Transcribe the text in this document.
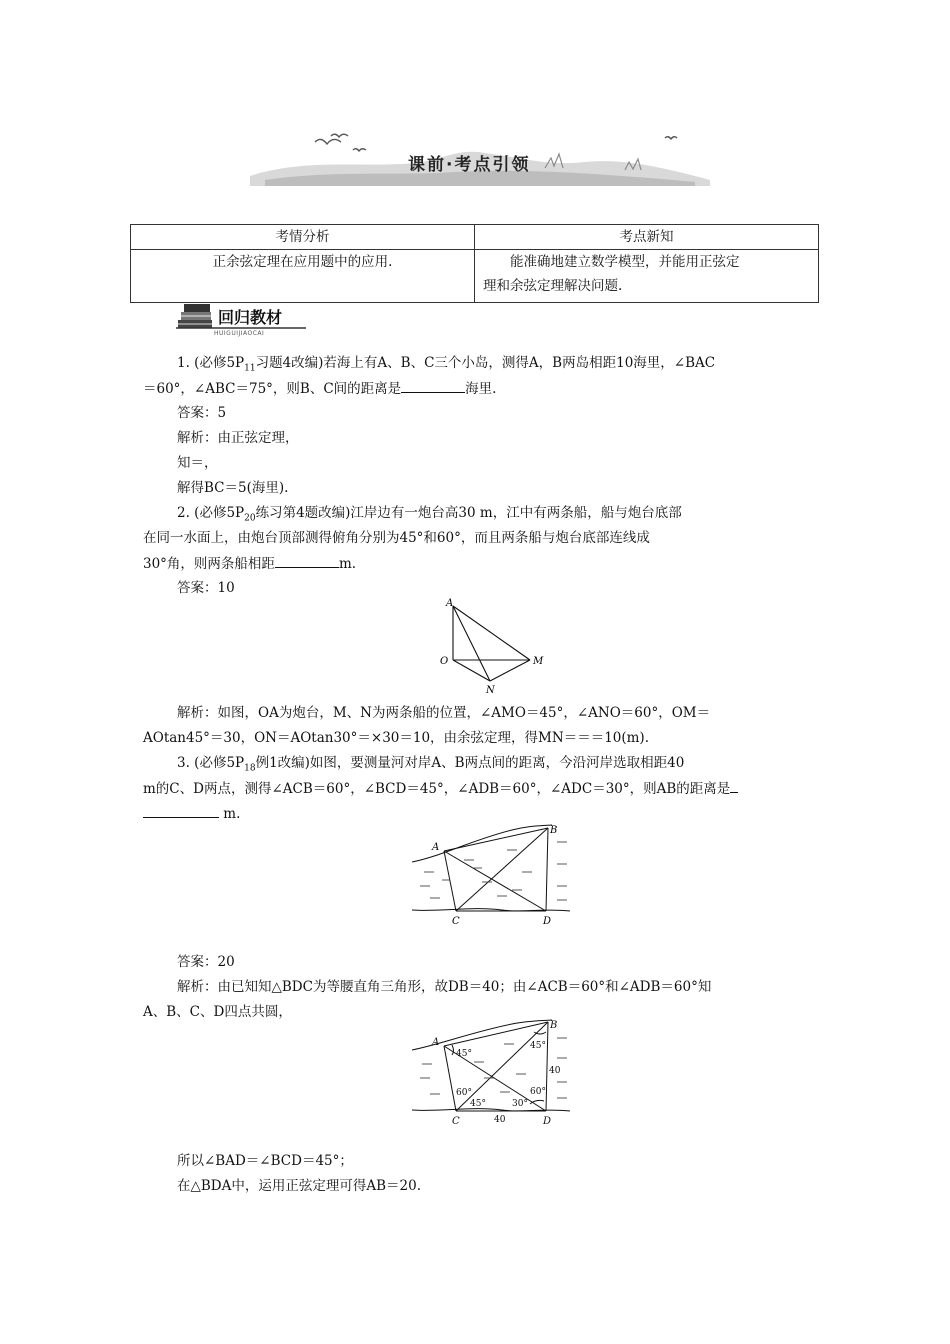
课前·考点引领
考情分析	考点新知
正余弦定理在应用题中的应用.	能准确地建立数学模型，并能用正弦定
理和余弦定理解决问题.
回归教材
HUIGUIJIAOCAI
1. (必修$5P_{11}$习题4改编)若海上有A、B、C三个小岛，测得A，B两岛相距10海里，∠BAC
＝60°，∠ABC＝75°，则B、C间的距离是	海里.
答案：5
解析：由正弦定理，
知＝，
解得BC＝5(海里).
2. (必修$5P_{20}$练习第4题改编)江岸边有一炮台高30 m，江中有两条船，船与炮台底部
在同一水面上，由炮台顶部测得俯角分别为45°和60°，而且两条船与炮台底部连线成
30°角，则两条船相距	m.
答案：10
A
O	M
N
解析：如图，OA为炮台，M、N为两条船的位置，∠AMO＝45°，∠ANO＝60°，OM＝
AOtan45°＝30，ON＝AOtan30°＝×30＝10，由余弦定理，得MN＝＝＝10(m).
3. (必修$5P_{18}$例1改编)如图，要测量河对岸A、B两点间的距离，今沿河岸选取相距40
m的C、D两点，测得∠ACB＝60°，∠BCD＝45°，∠ADB＝60°，∠ADC＝30°，则AB的距离是
m.
A
B
C	D
答案：20
解析：由已知知△BDC为等腰直角三角形，故DB＝40；由∠ACB＝60°和∠ADB＝60°知
A、B、C、D四点共圆，
45°
45°
40
60°
45°
60°
30°
40
A
B
C	D
所以∠BAD＝∠BCD＝45°；
在△BDA中，运用正弦定理可得AB＝20.
